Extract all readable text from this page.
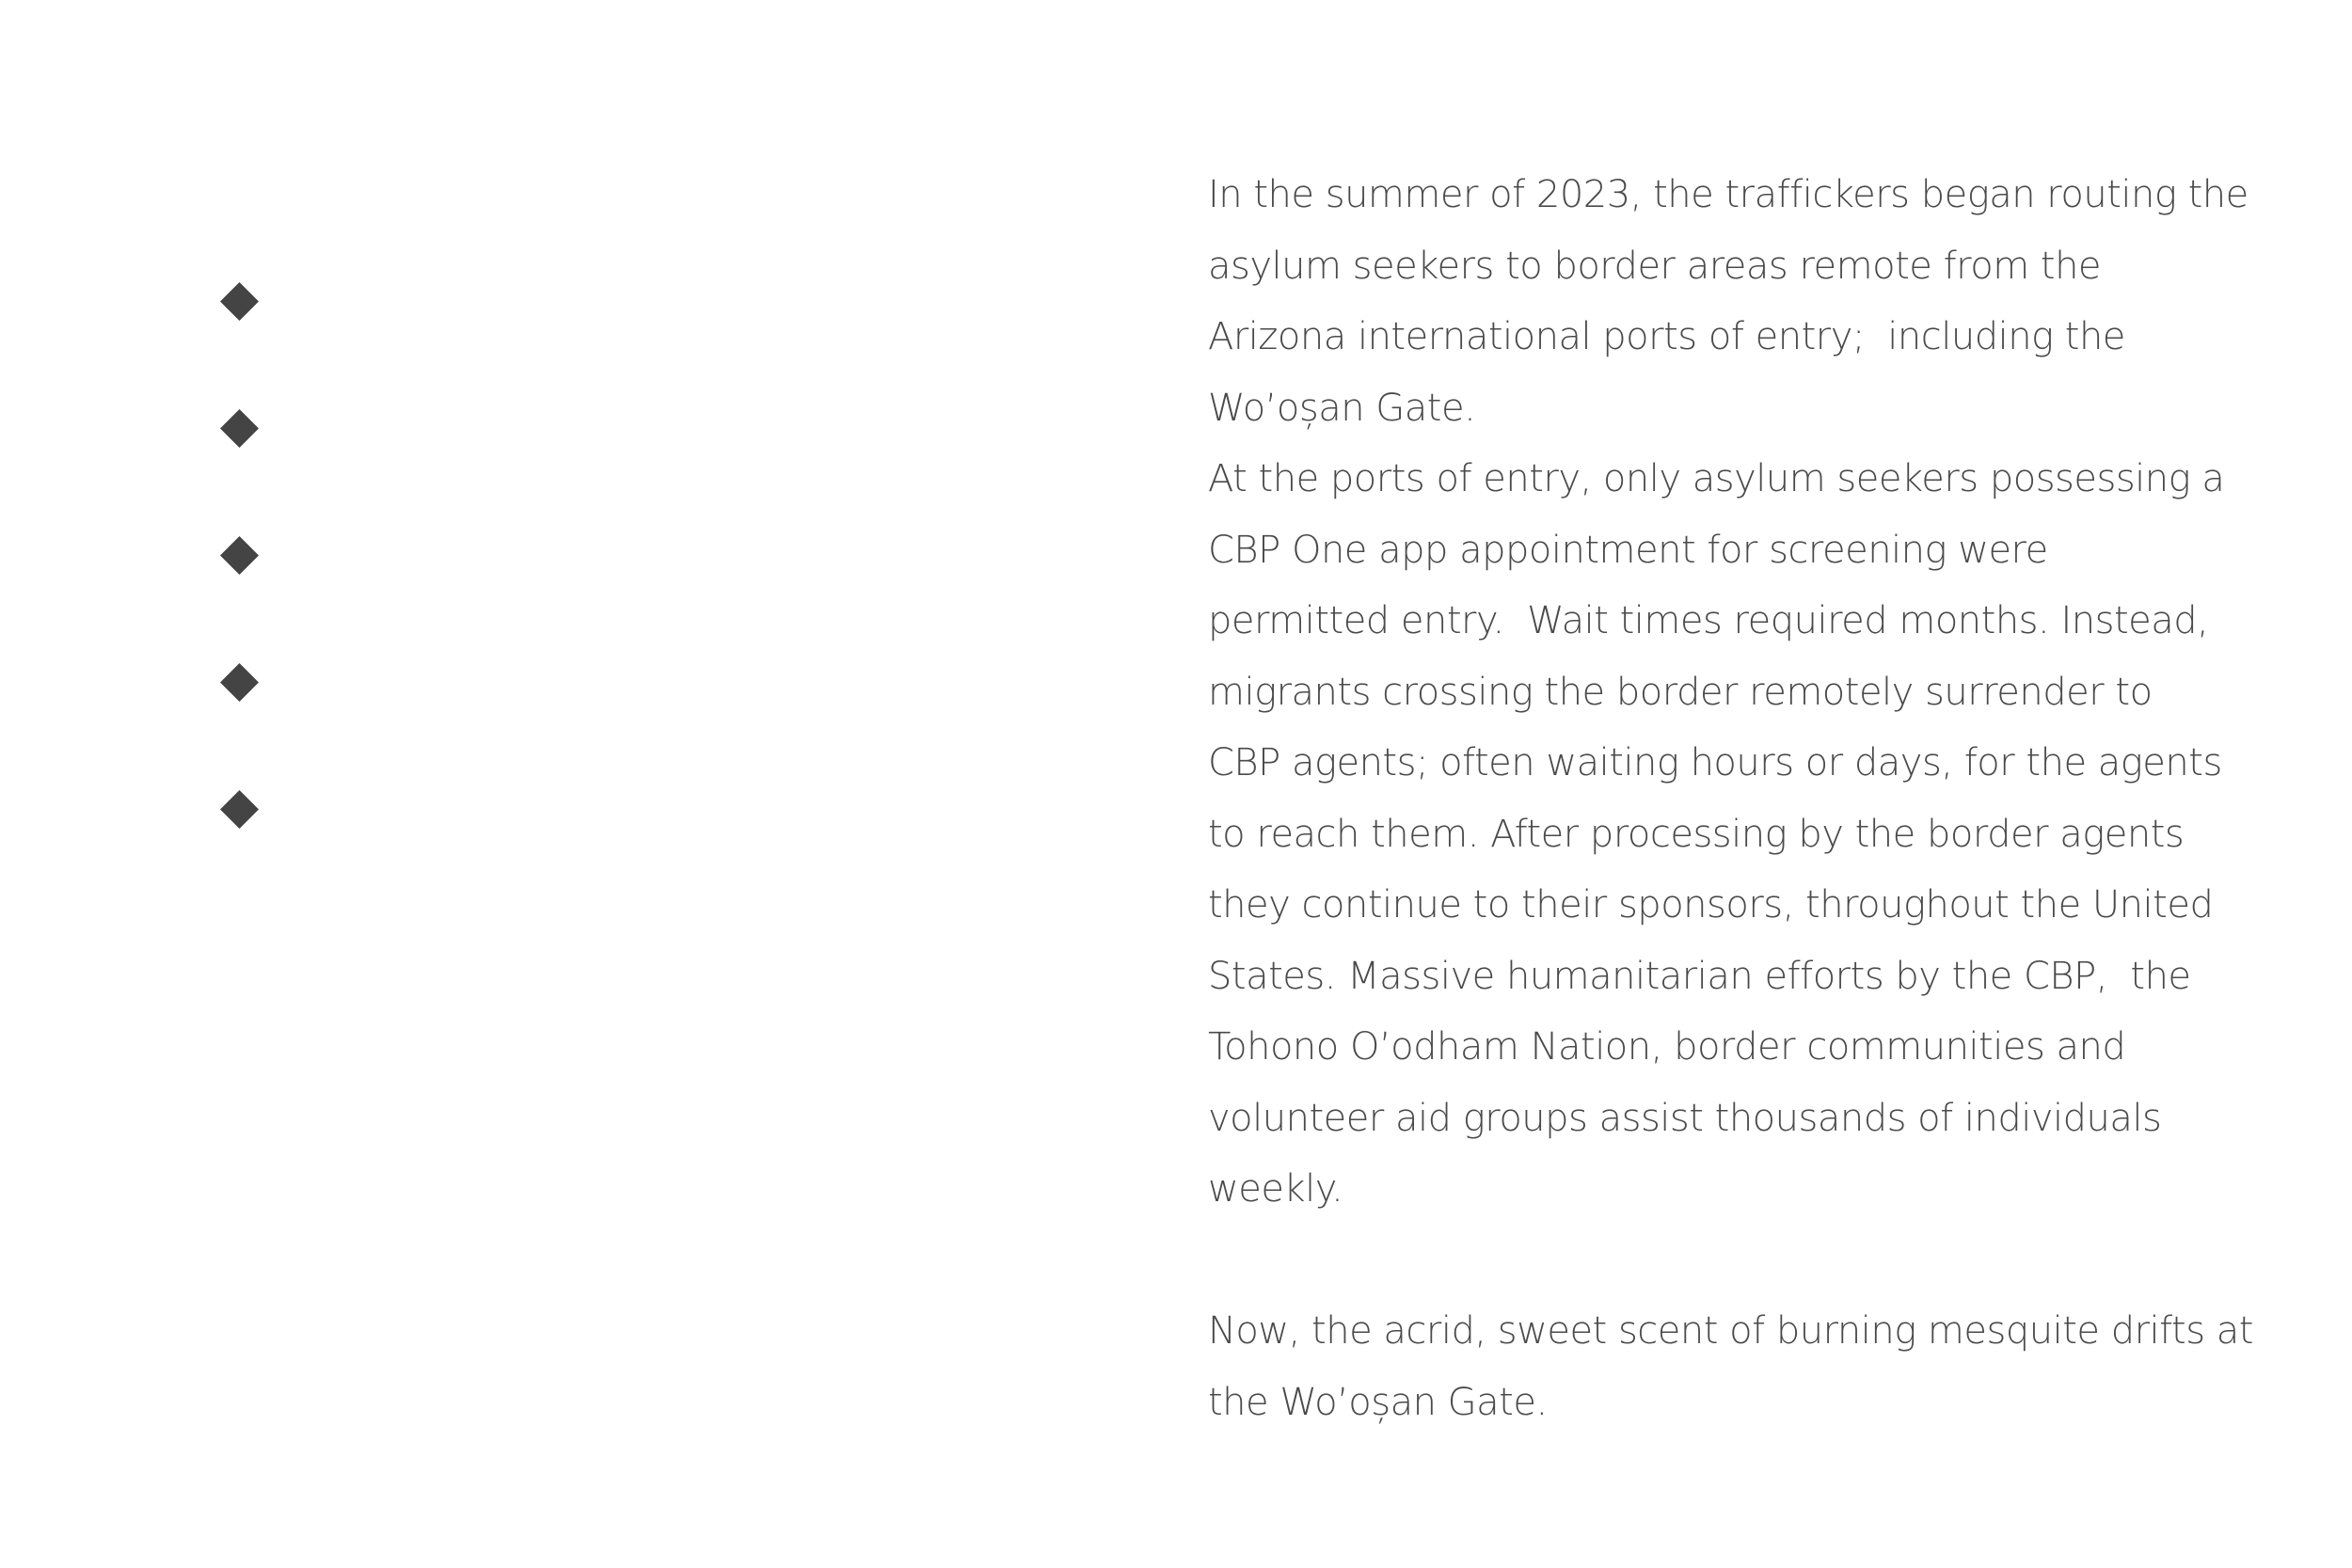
In the summer of 2023, the traffickers began routing the
asylum seekers to border areas remote from the
Arizona international ports of entry;  including the
Wo’oșan Gate.
At the ports of entry, only asylum seekers possessing a
CBP One app appointment for screening were
permitted entry.  Wait times required months. Instead,
migrants crossing the border remotely surrender to
CBP agents; often waiting hours or days, for the agents
to reach them. After processing by the border agents
they continue to their sponsors, throughout the United
States. Massive humanitarian efforts by the CBP,  the
Tohono O’odham Nation, border communities and
volunteer aid groups assist thousands of individuals
weekly.
Now, the acrid, sweet scent of burning mesquite drifts at
the Wo’oșan Gate.
